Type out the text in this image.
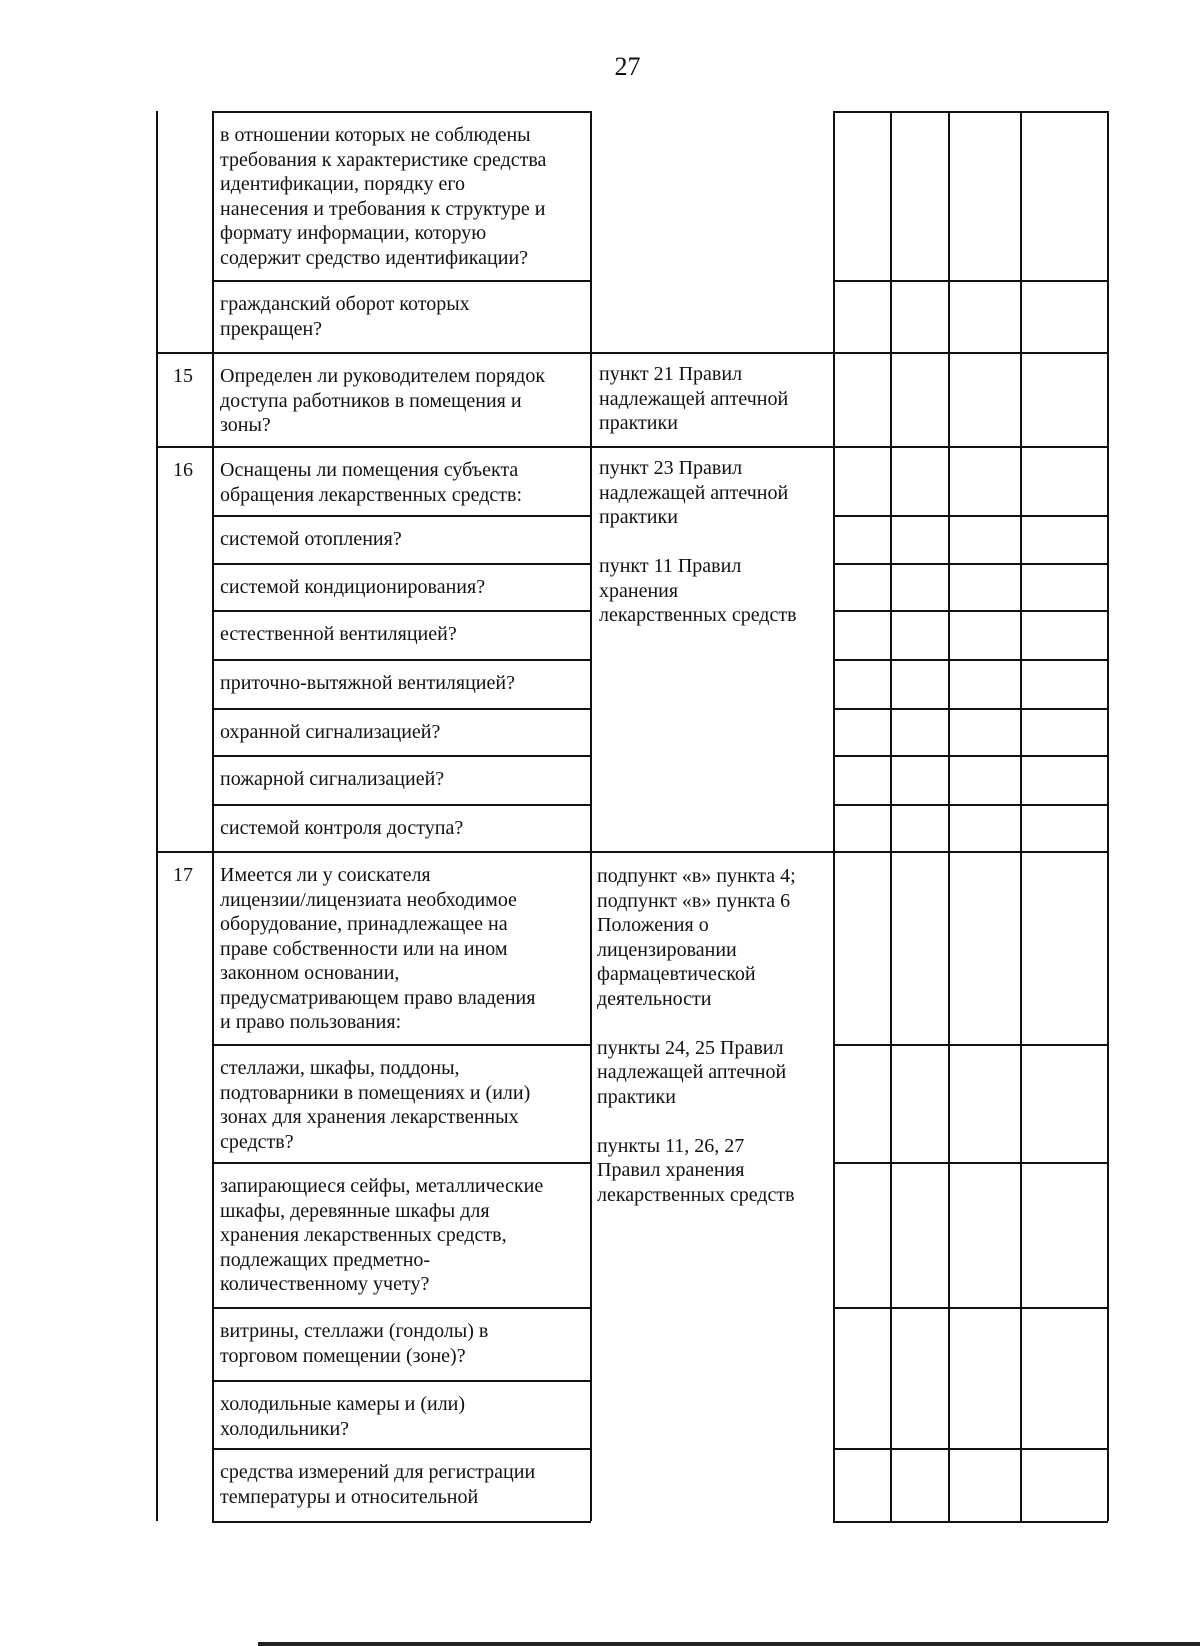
27
в отношении которых не соблюдены
требования к характеристике средства
идентификации, порядку его
нанесения и требования к структуре и
формату информации, которую
содержит средство идентификации?
гражданский оборот которых
прекращен?
Определен ли руководителем порядок
доступа работников в помещения и
зоны?
15
Оснащены ли помещения субъекта
обращения лекарственных средств:
16
системой отопления?
системой кондиционирования?
естественной вентиляцией?
приточно-вытяжной вентиляцией?
охранной сигнализацией?
пожарной сигнализацией?
системой контроля доступа?
Имеется ли у соискателя
лицензии/лицензиата необходимое
оборудование, принадлежащее на
праве собственности или на ином
законном основании,
предусматривающем право владения
и право пользования:
17
стеллажи, шкафы, поддоны,
подтоварники в помещениях и (или)
зонах для хранения лекарственных
средств?
запирающиеся сейфы, металлические
шкафы, деревянные шкафы для
хранения лекарственных средств,
подлежащих предметно-
количественному учету?
витрины, стеллажи (гондолы) в
торговом помещении (зоне)?
холодильные камеры и (или)
холодильники?
средства измерений для регистрации
температуры и относительной
пункт 21 Правил
надлежащей аптечной
практики
пункт 23 Правил
надлежащей аптечной
практики

пункт 11 Правил
хранения
лекарственных средств
подпункт «в» пункта 4;
подпункт «в» пункта 6
Положения о
лицензировании
фармацевтической
деятельности

пункты 24, 25 Правил
надлежащей аптечной
практики

пункты 11, 26, 27
Правил хранения
лекарственных средств
